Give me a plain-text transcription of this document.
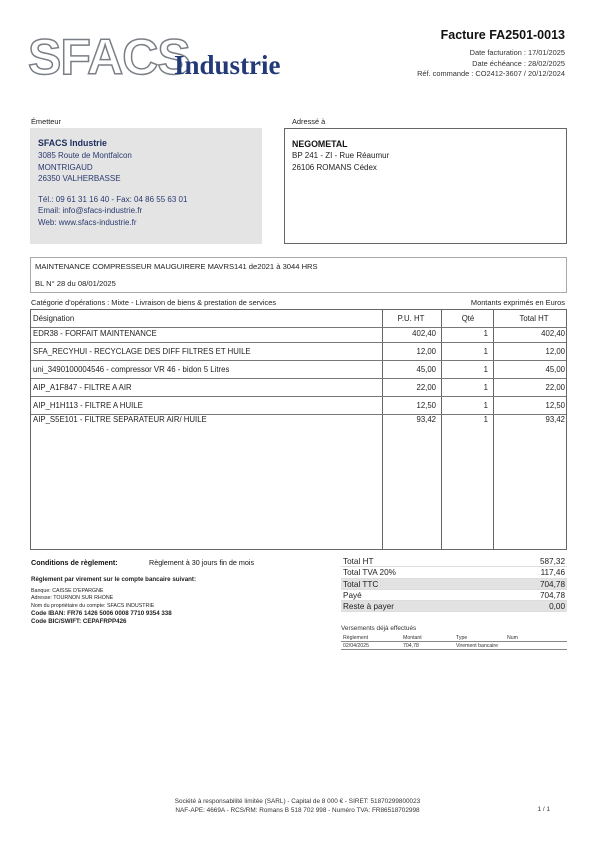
SFACS
Industrie
Facture FA2501-0013
Date facturation : 17/01/2025
Date échéance : 28/02/2025
Réf. commande : CO2412-3607 / 20/12/2024
Émetteur	Adressé à
SFACS Industrie
3085 Route de Montfalcon
MONTRIGAUD
26350 VALHERBASSE
Tél.: 09 61 31 16 40 - Fax: 04 86 55 63 01
Email: info@sfacs-industrie.fr
Web: www.sfacs-industrie.fr
NEGOMETAL
BP 241 - ZI - Rue Réaumur
26106 ROMANS Cédex
MAINTENANCE COMPRESSEUR MAUGUIRERE MAVRS141 de2021 à 3044 HRS
BL N° 28 du 08/01/2025
Catégorie d'opérations : Mixte - Livraison de biens & prestation de services	Montants exprimés en Euros
Désignation	P.U. HT	Qté	Total HT
EDR38 - FORFAIT MAINTENANCE	402,40	1	402,40
SFA_RECYHUI - RECYCLAGE DES DIFF FILTRES ET HUILE	12,00	1	12,00
uni_3490100004546 - compressor VR 46 - bidon 5 Litres	45,00	1	45,00
AIP_A1F847 - FILTRE A AIR	22,00	1	22,00
AIP_H1H113 - FILTRE A HUILE	12,50	1	12,50
AIP_S5E101 - FILTRE SEPARATEUR AIR/ HUILE	93,42	1	93,42
Conditions de règlement:	Règlement à 30 jours fin de mois
Règlement par virement sur le compte bancaire suivant:
Banque: CAISSE D'EPARGNE
Adresse: TOURNON SUR RHONE
Nom du propriétaire du compte: SFACS INDUSTRIE
Code IBAN: FR76 1426 5006 0008 7710 9354 338
Code BIC/SWIFT: CEPAFRPP426
Total HT	587,32
Total TVA 20%	117,46
Total TTC	704,78
Payé	704,78
Reste à payer	0,00
Versements déjà effectués
Règlement	Montant	Type	Num
02/04/2025	704,78	Virement bancaire
Société à responsabilité limitée (SARL) - Capital de 8 000 € - SIRET: 51870299800023
NAF-APE: 4669A - RCS/RM: Romans B 518 702 998 - Numéro TVA: FR86518702998	1 / 1
